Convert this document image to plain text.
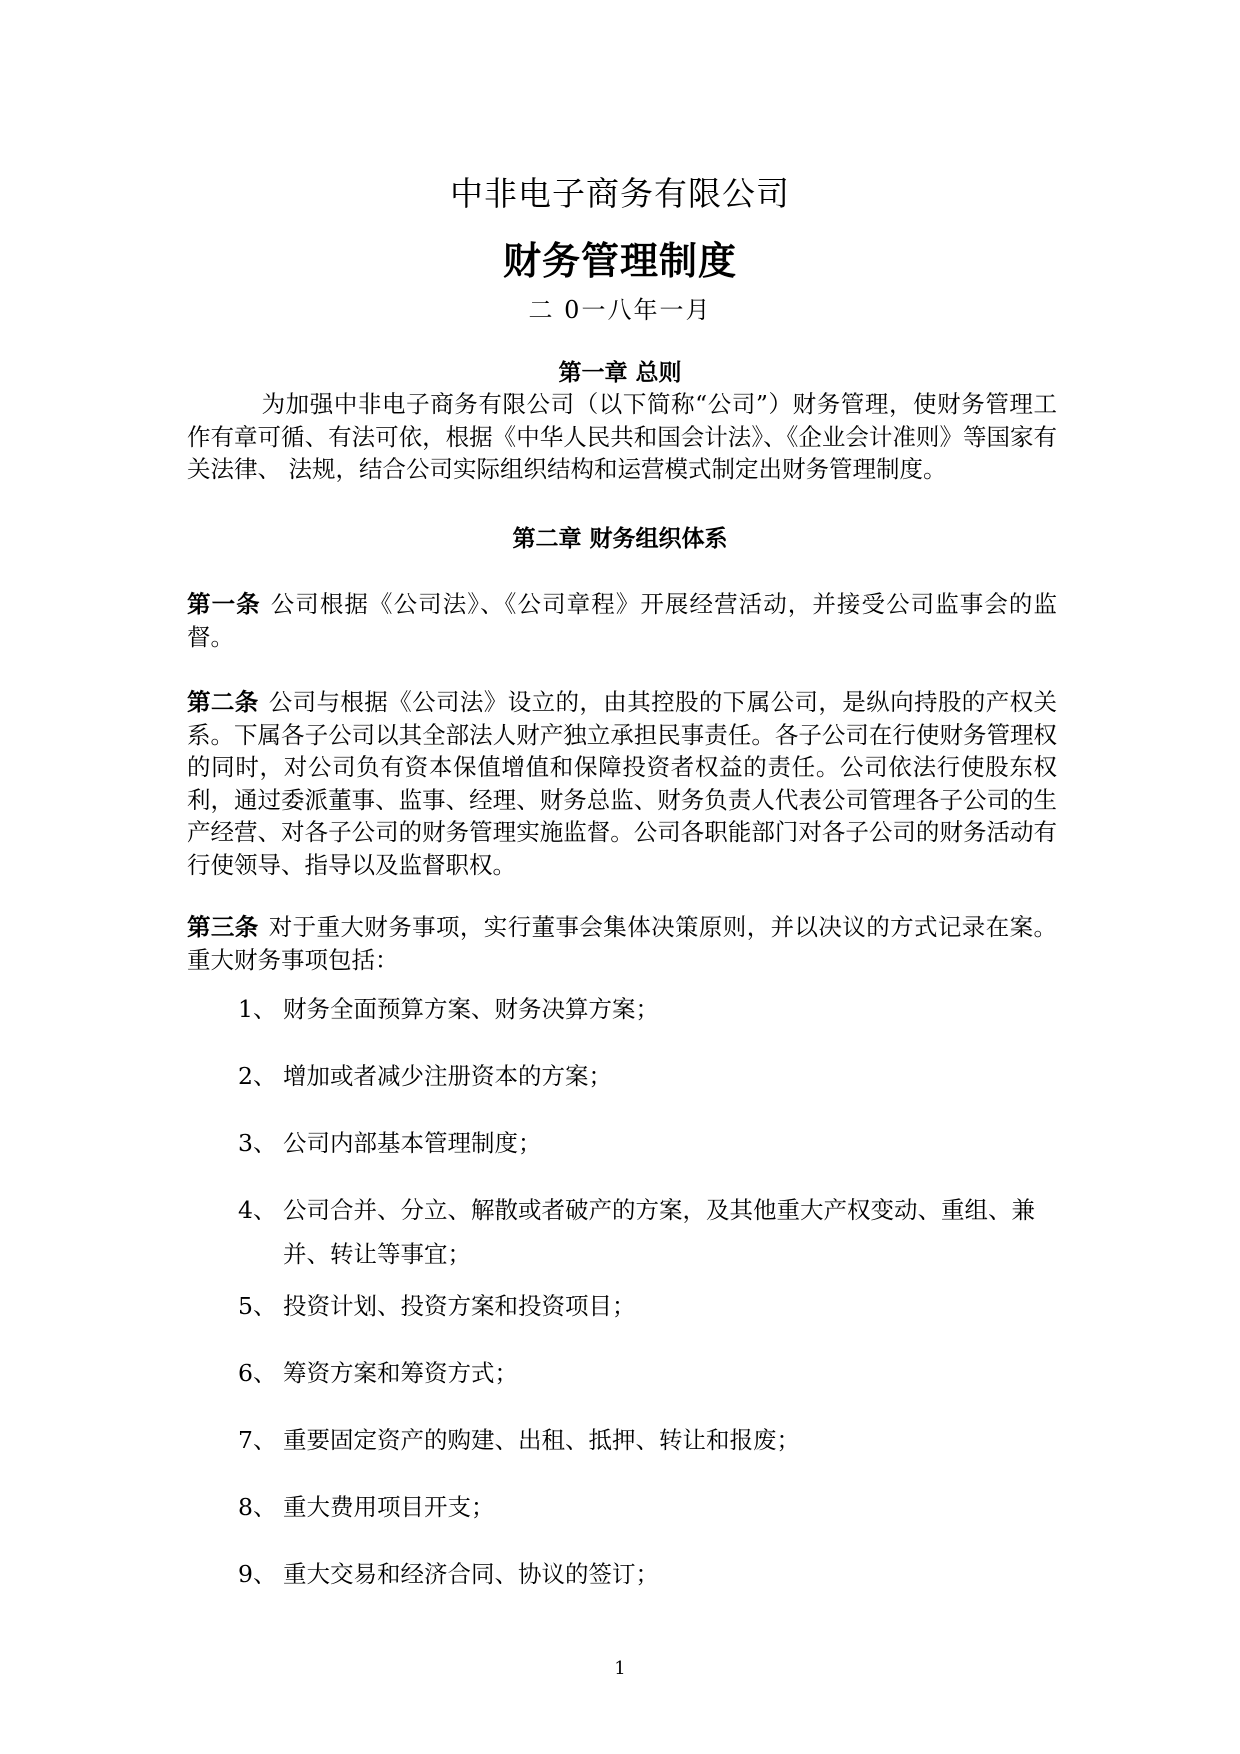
中非电子商务有限公司
财务管理制度
二 0一八年一月
第一章 总则
为加强中非电子商务有限公司（以下简称“公司”）财务管理，使财务管理工作有章可循、有法可依，根据《中华人民共和国会计法》、《企业会计准则》等国家有关法律、 法规，结合公司实际组织结构和运营模式制定出财务管理制度。
第二章 财务组织体系
第一条 公司根据《公司法》、《公司章程》开展经营活动，并接受公司监事会的监督。
第二条 公司与根据《公司法》设立的，由其控股的下属公司，是纵向持股的产权关系。下属各子公司以其全部法人财产独立承担民事责任。各子公司在行使财务管理权的同时，对公司负有资本保值增值和保障投资者权益的责任。公司依法行使股东权利，通过委派董事、监事、经理、财务总监、财务负责人代表公司管理各子公司的生产经营、对各子公司的财务管理实施监督。公司各职能部门对各子公司的财务活动有行使领导、指导以及监督职权。
第三条 对于重大财务事项，实行董事会集体决策原则，并以决议的方式记录在案。重大财务事项包括：
1、 财务全面预算方案、财务决算方案；
2、 增加或者减少注册资本的方案；
3、 公司内部基本管理制度；
4、 公司合并、分立、解散或者破产的方案，及其他重大产权变动、重组、兼并、转让等事宜；
5、 投资计划、投资方案和投资项目；
6、 筹资方案和筹资方式；
7、 重要固定资产的购建、出租、抵押、转让和报废；
8、 重大费用项目开支；
9、 重大交易和经济合同、协议的签订；
1
